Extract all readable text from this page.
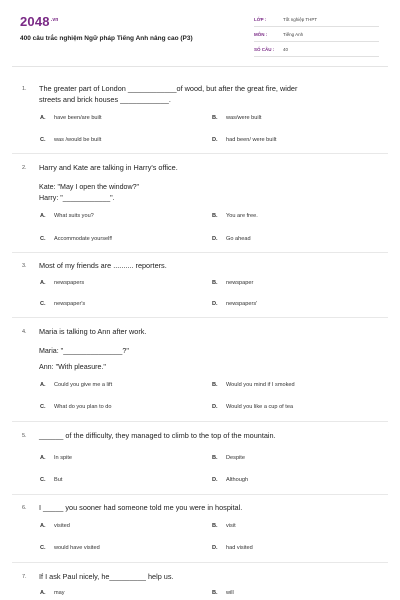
$2048^{.vn}$
400 câu trắc nghiệm Ngữ pháp Tiếng Anh nâng cao (P3)
LỚP :	Tốt nghiệp THPT
MÔN :	Tiếng Anh
SỐ CÂU :	40
1.	The greater part of London ____________of wood, but after the great fire, wider
streets and brick houses ____________.
A. have been/are built	B. was/were built
C. was /would be built	D. had been/ were built
2.	Harry and Kate are talking in Harry's office.
Kate: "May I open the window?"
Harry: "____________".
A. What suits you?	B. You are free.
C. Accommodate yourself!	D. Go ahead
3.	Most of my friends are .......... reporters.
A. newspapers	B. newspaper
C. newspaper's	D. newspapers'
4.	Maria is talking to Ann after work.
Maria: "_______________?"
Ann: "With pleasure."
A. Could you give me a lift	B. Would you mind if I smoked
C. What do you plan to do	D. Would you like a cup of tea
5.	______ of the difficulty, they managed to climb to the top of the mountain.
A. In spite	B. Despite
C. But	D. Although
6.	I _____ you sooner had someone told me you were in hospital.
A. visited	B. visit
C. would have visited	D. had visited
7.	If I ask Paul nicely, he_________ help us.
A. may	B. will
